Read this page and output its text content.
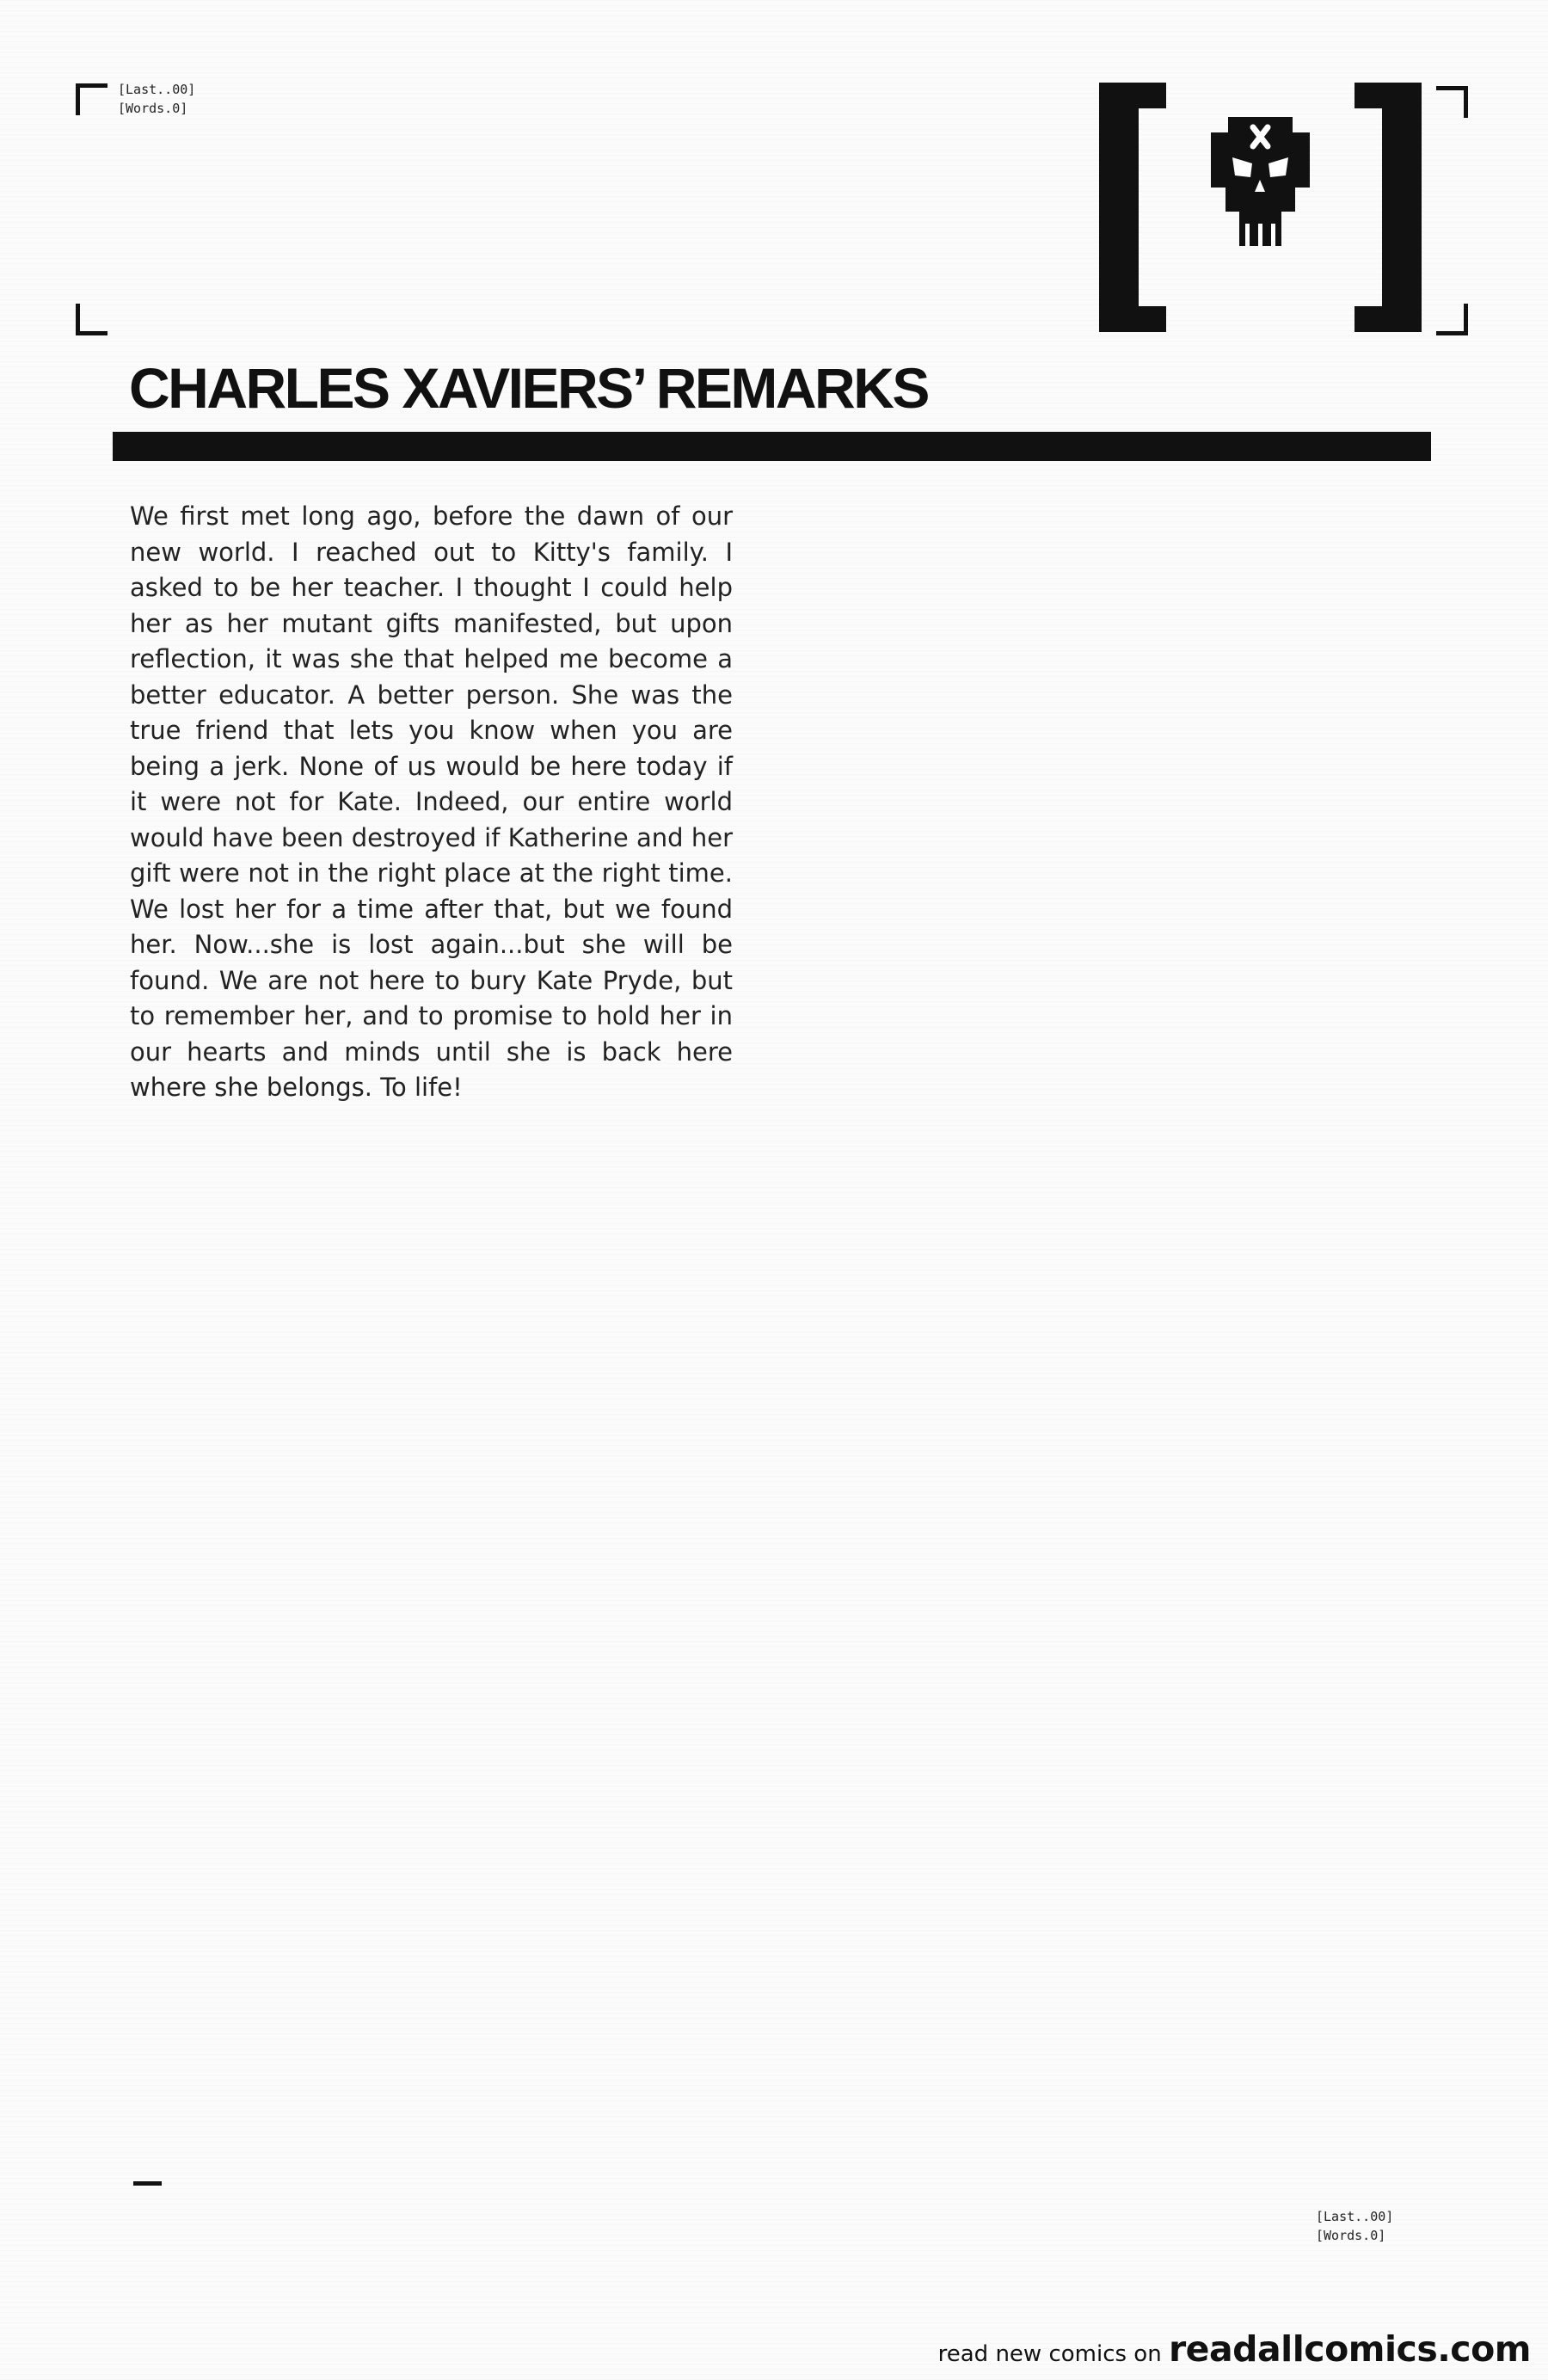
[Last..00]
[Words.0]
CHARLES XAVIERS’ REMARKS

We first met long ago, before the dawn of our new world. I reached out to Kitty's family. I asked to be her teacher. I thought I could help her as her mutant gifts manifested, but upon reflection, it was she that helped me become a better educator. A better person. She was the true friend that lets you know when you are being a jerk. None of us would be here today if it were not for Kate. Indeed, our entire world would have been destroyed if Katherine and her gift were not in the right place at the right time. We lost her for a time after that, but we found her. Now...she is lost again...but she will be found. We are not here to bury Kate Pryde, but to remember her, and to promise to hold her in our hearts and minds until she is back here where she belongs. To life!

[Last..00]
[Words.0]
read new comics on readallcomics.com
